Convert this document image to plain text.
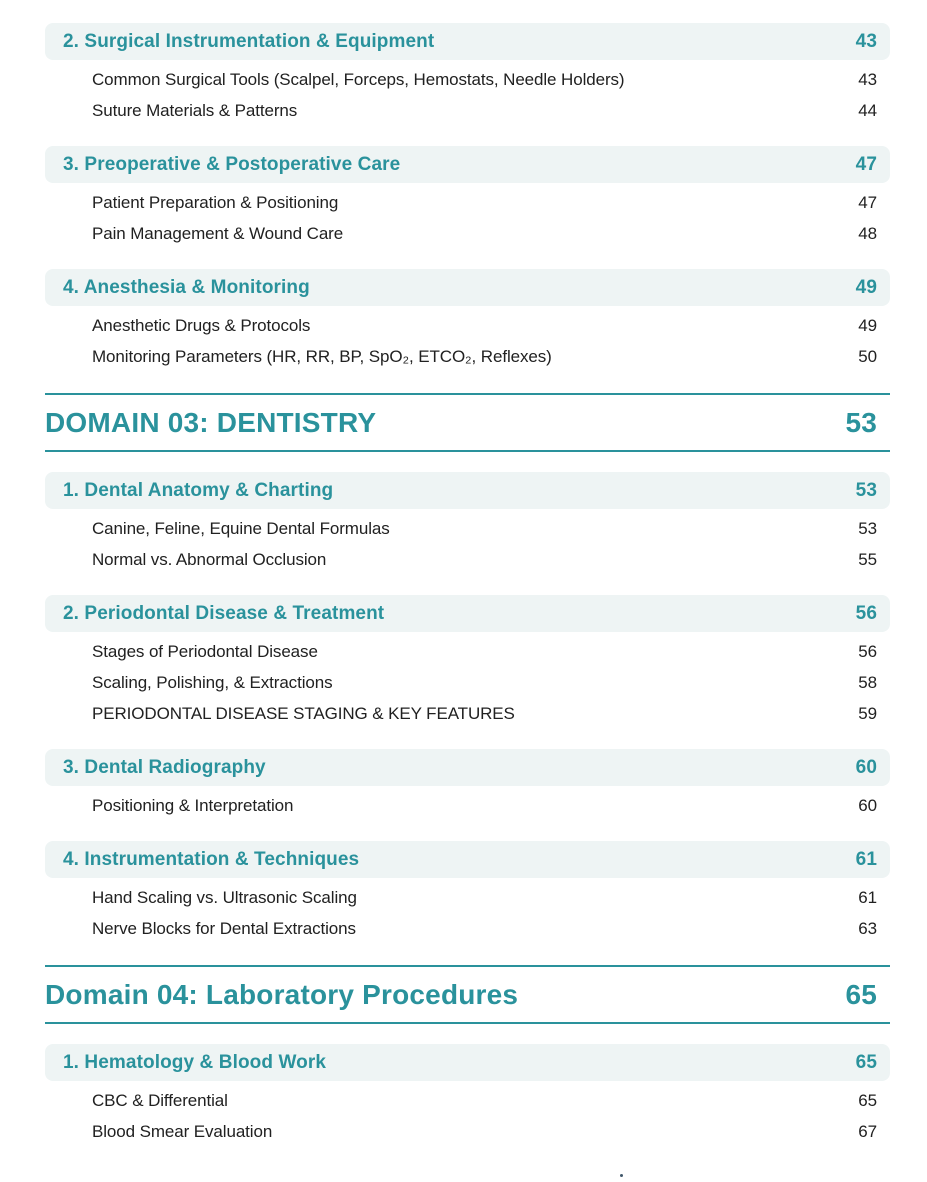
2. Surgical Instrumentation & Equipment	43
Common Surgical Tools (Scalpel, Forceps, Hemostats, Needle Holders)	43
Suture Materials & Patterns	44
3. Preoperative & Postoperative Care	47
Patient Preparation & Positioning	47
Pain Management & Wound Care	48
4. Anesthesia & Monitoring	49
Anesthetic Drugs & Protocols	49
Monitoring Parameters (HR, RR, BP, SpO₂, ETCO₂, Reflexes)	50
DOMAIN 03: DENTISTRY	53
1. Dental Anatomy & Charting	53
Canine, Feline, Equine Dental Formulas	53
Normal vs. Abnormal Occlusion	55
2. Periodontal Disease & Treatment	56
Stages of Periodontal Disease	56
Scaling, Polishing, & Extractions	58
PERIODONTAL DISEASE STAGING & KEY FEATURES	59
3. Dental Radiography	60
Positioning & Interpretation	60
4. Instrumentation & Techniques	61
Hand Scaling vs. Ultrasonic Scaling	61
Nerve Blocks for Dental Extractions	63
Domain 04: Laboratory Procedures	65
1. Hematology & Blood Work	65
CBC & Differential	65
Blood Smear Evaluation	67
